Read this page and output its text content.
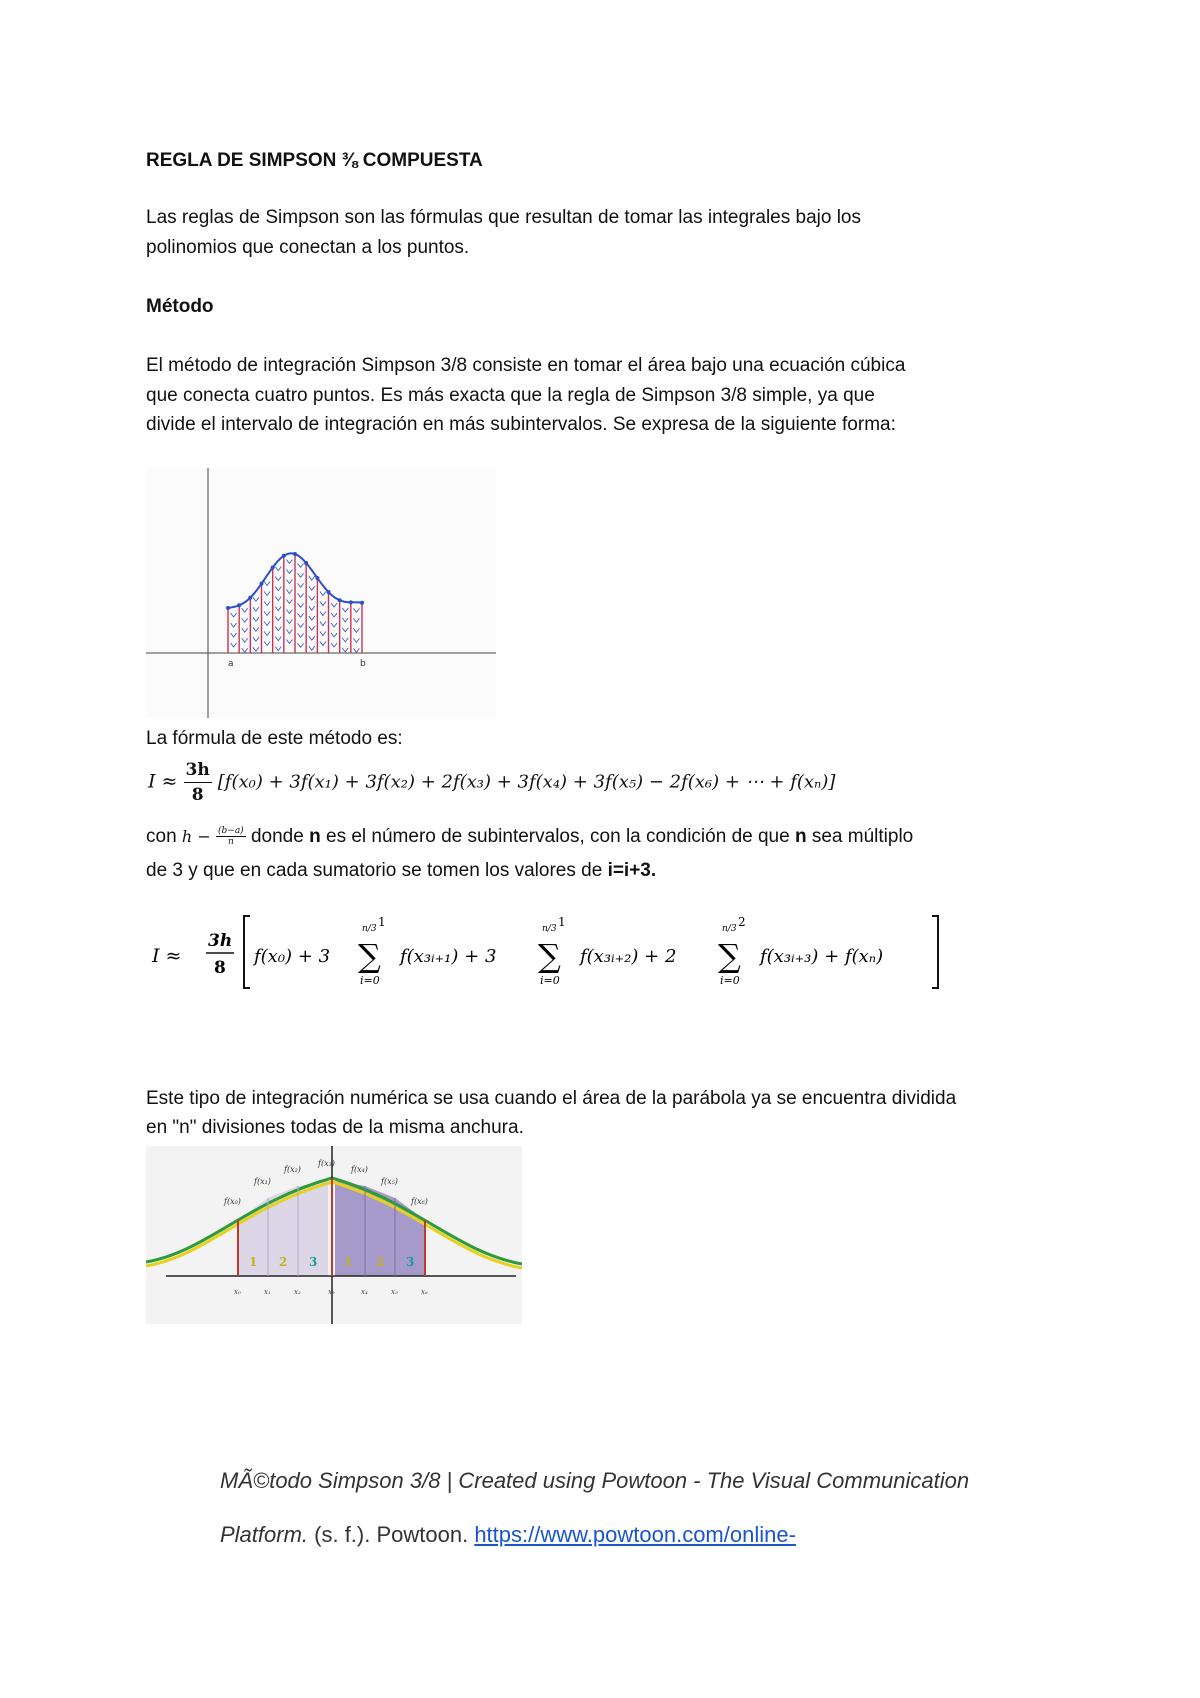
REGLA DE SIMPSON ⅜ COMPUESTA

Las reglas de Simpson son las fórmulas que resultan de tomar las integrales bajo los

polinomios que conectan a los puntos.

Método

El método de integración Simpson 3/8 consiste en tomar el área bajo una ecuación cúbica

que conecta cuatro puntos. Es más exacta que la regla de Simpson 3/8 simple, ya que

divide el intervalo de integración en más subintervalos. Se expresa de la siguiente forma:

a	b

La fórmula de este método es:

$I \approx \frac{3h}{8} [f(x_0) + 3f(x_1) + 3f(x_2) + 2f(x_3) + 3f(x_4) + 3f(x_5) - 2f(x_6)$ + ⋯ + f(xₙ)]
con $h - \frac{(b-a)}{n}$ donde n es el número de subintervalos, con la condición de que n sea múltiplo
de 3 y que en cada sumatorio se tomen los valores de i=i+3.
I ≈
3h
8
f(x₀) + 3
n/3 1
∑
i=0
f(x₃ᵢ₊₁) + 3
n/3 1
∑
i=0
f(x₃ᵢ₊₂) + 2
n/3 2
∑
i=0
f(x₃ᵢ₊₃) + f(xₙ)

Este tipo de integración numérica se usa cuando el área de la parábola ya se encuentra dividida

en "n" divisiones todas de la misma anchura.

1 2 3 1 2 3
f(x₀)
f(x₁)
f(x₂)
f(x₃)
f(x₄)
f(x₅)
f(x₆)
x₀	x₁	x₂	x₃	x₄	x₅	x₆
MÃ©todo Simpson 3/8 | Created using Powtoon - The Visual Communication
Platform. (s. f.). Powtoon. https://www.powtoon.com/online-
